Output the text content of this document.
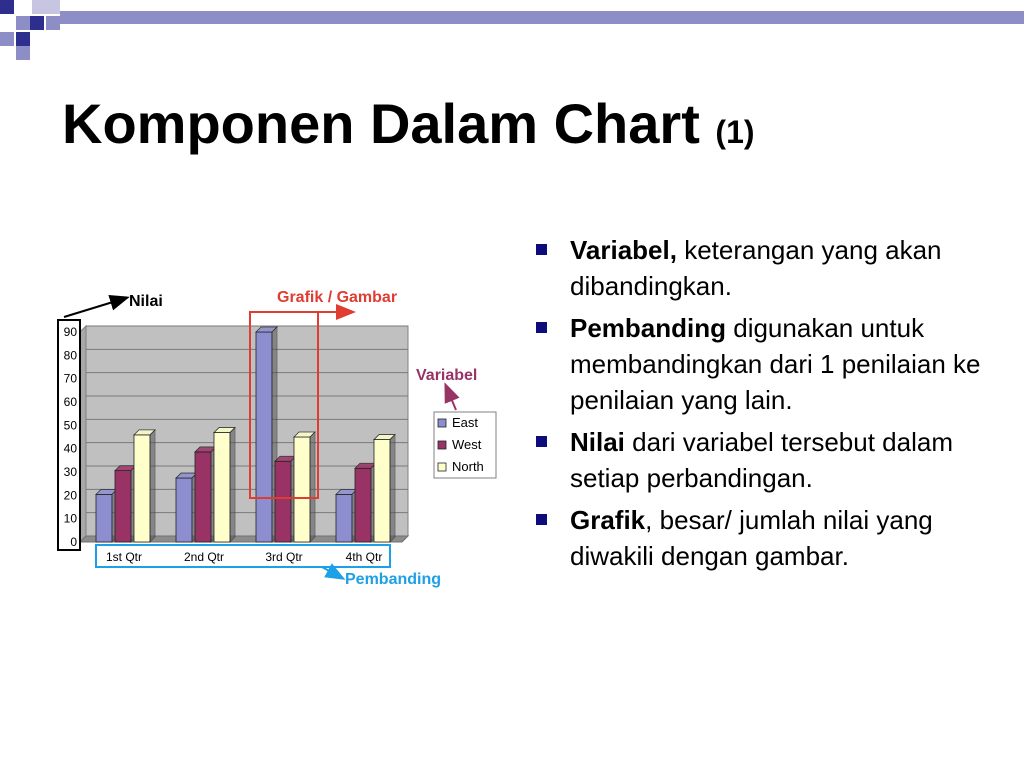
Komponen Dalam Chart (1)
0
10
20
30
40
50
60
70
80
90
1st Qtr	2nd Qtr	3rd Qtr	4th Qtr
East
West
North
Nilai	Grafik / Gambar
Variabel
Pembanding
Variabel, keterangan yang akan dibandingkan.
Pembanding digunakan untuk membandingkan dari 1 penilaian ke penilaian yang lain.
Nilai dari variabel tersebut dalam setiap perbandingan.
Grafik, besar/ jumlah nilai yang diwakili dengan gambar.
